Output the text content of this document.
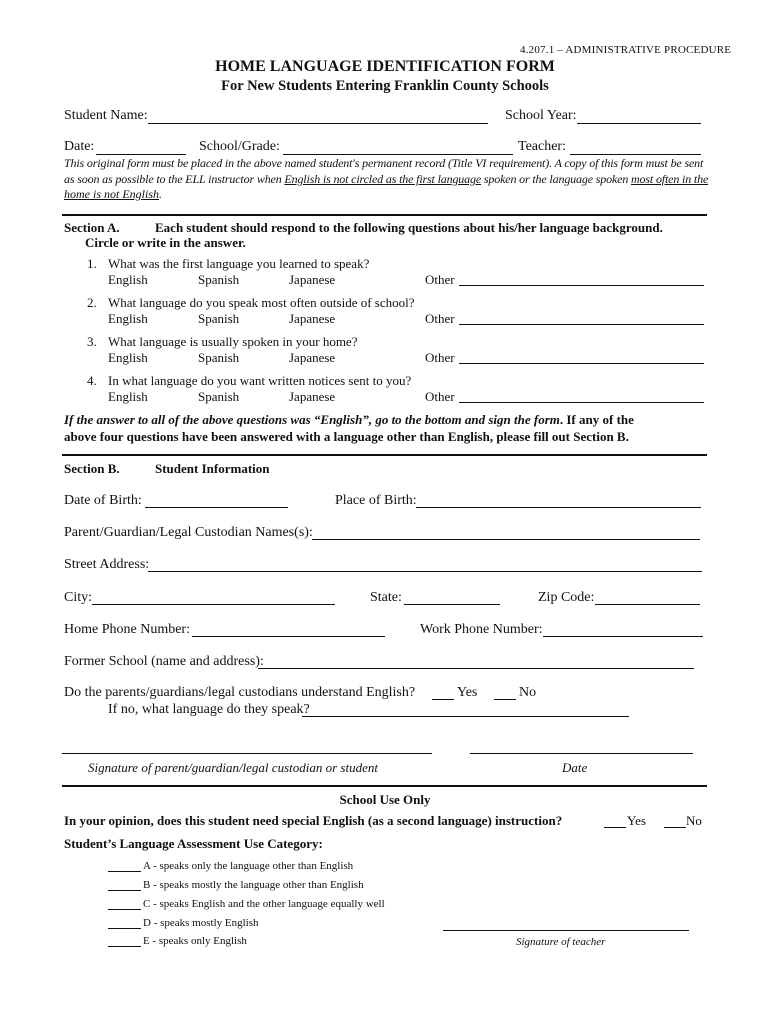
4.207.1 – ADMINISTRATIVE PROCEDURE
HOME LANGUAGE IDENTIFICATION FORM
For New Students Entering Franklin County Schools
Student Name:	School Year:
Date:	School/Grade:	Teacher:
This original form must be placed in the above named student's permanent record (Title VI requirement). A copy of this form must be sent
as soon as possible to the ELL instructor when English is not circled as the first language spoken or the language spoken most often in the
home is not English.
Section A.	Each student should respond to the following questions about his/her language background.
Circle or write in the answer.
1. What was the first language you learned to speak?
English	Spanish	Japanese	Other
2. What language do you speak most often outside of school?
English	Spanish	Japanese	Other
3. What language is usually spoken in your home?
English	Spanish	Japanese	Other
4. In what language do you want written notices sent to you?
English	Spanish	Japanese	Other
If the answer to all of the above questions was “English”, go to the bottom and sign the form. If any of the
above four questions have been answered with a language other than English, please fill out Section B.
Section B.	Student Information
Date of Birth:	Place of Birth:
Parent/Guardian/Legal Custodian Names(s):
Street Address:
City:	State:	Zip Code:
Home Phone Number:	Work Phone Number:
Former School (name and address):
Do the parents/guardians/legal custodians understand English?	Yes	No
If no, what language do they speak?
Signature of parent/guardian/legal custodian or student	Date
School Use Only
In your opinion, does this student need special English (as a second language) instruction?	Yes	No
Student’s Language Assessment Use Category:
A - speaks only the language other than English
B - speaks mostly the language other than English
C - speaks English and the other language equally well
D - speaks mostly English
E - speaks only English	Signature of teacher
